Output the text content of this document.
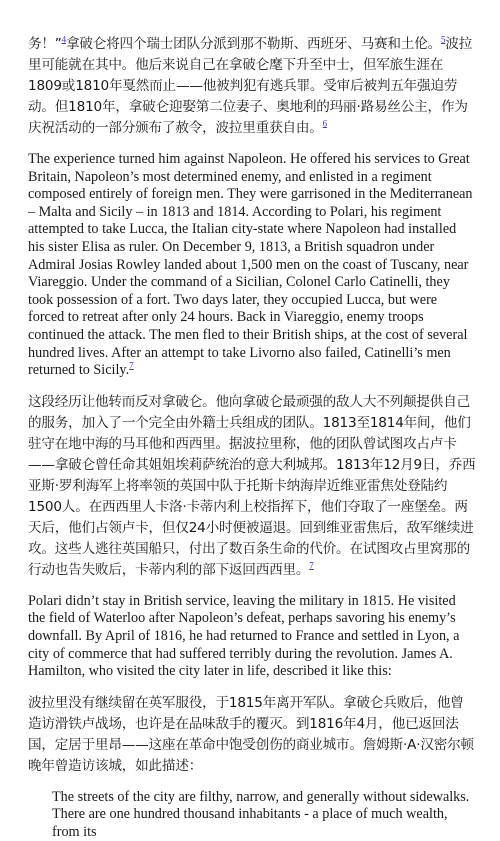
务！”$^4$拿破仑将四个瑞士团队分派到那不勒斯、西班牙、马赛和土伦。$^5$波拉里可能就在其中。他后来说自己在拿破仑麾下升至中士，但军旅生涯在1809或1810年戛然而止——他被判犯有逃兵罪。受审后被判五年强迫劳动。但1810年，拿破仑迎娶第二位妻子、奥地利的玛丽·路易丝公主，作为庆祝活动的一部分颁布了赦令，波拉里重获自由。$^6$

The experience turned him against Napoleon. He offered his services to Great Britain, Napoleon’s most determined enemy, and enlisted in a regiment composed entirely of foreign men. They were garrisoned in the Mediterranean – Malta and Sicily – in 1813 and 1814. According to Polari, his regiment attempted to take Lucca, the Italian city-state where Napoleon had installed his sister Elisa as ruler. On December 9, 1813, a British squadron under Admiral Josias Rowley landed about 1,500 men on the coast of Tuscany, near Viareggio. Under the command of a Sicilian, Colonel Carlo Catinelli, they took possession of a fort. Two days later, they occupied Lucca, but were forced to retreat after only 24 hours. Back in Viareggio, enemy troops continued the attack. The men fled to their British ships, at the cost of several hundred lives. After an attempt to take Livorno also failed, Catinelli’s men returned to Sicily.$^7$

这段经历让他转而反对拿破仑。他向拿破仑最顽强的敌人大不列颠提供自己的服务，加入了一个完全由外籍士兵组成的团队。1813至1814年间，他们驻守在地中海的马耳他和西西里。据波拉里称，他的团队曾试图攻占卢卡——拿破仑曾任命其姐姐埃莉萨统治的意大利城邦。1813年12月9日，乔西亚斯·罗利海军上将率领的英国中队于托斯卡纳海岸近维亚雷焦处登陆约1500人。在西西里人卡洛·卡蒂内利上校指挥下，他们夺取了一座堡垒。两天后，他们占领卢卡，但仅24小时便被逼退。回到维亚雷焦后，敌军继续进攻。这些人逃往英国船只，付出了数百条生命的代价。在试图攻占里窝那的行动也告失败后，卡蒂内利的部下返回西西里。$^7$

Polari didn’t stay in British service, leaving the military in 1815. He visited the field of Waterloo after Napoleon’s defeat, perhaps savoring his enemy’s downfall. By April of 1816, he had returned to France and settled in Lyon, a city of commerce that had suffered terribly during the revolution. James A. Hamilton, who visited the city later in life, described it like this:

波拉里没有继续留在英军服役，于1815年离开军队。拿破仑兵败后，他曾造访滑铁卢战场，也许是在品味敌手的覆灭。到1816年4月，他已返回法国，定居于里昂——这座在革命中饱受创伤的商业城市。詹姆斯·A·汉密尔顿晚年曾造访该城，如此描述：

The streets of the city are filthy, narrow, and generally without sidewalks. There are one hundred thousand inhabitants - a place of much wealth, from its
